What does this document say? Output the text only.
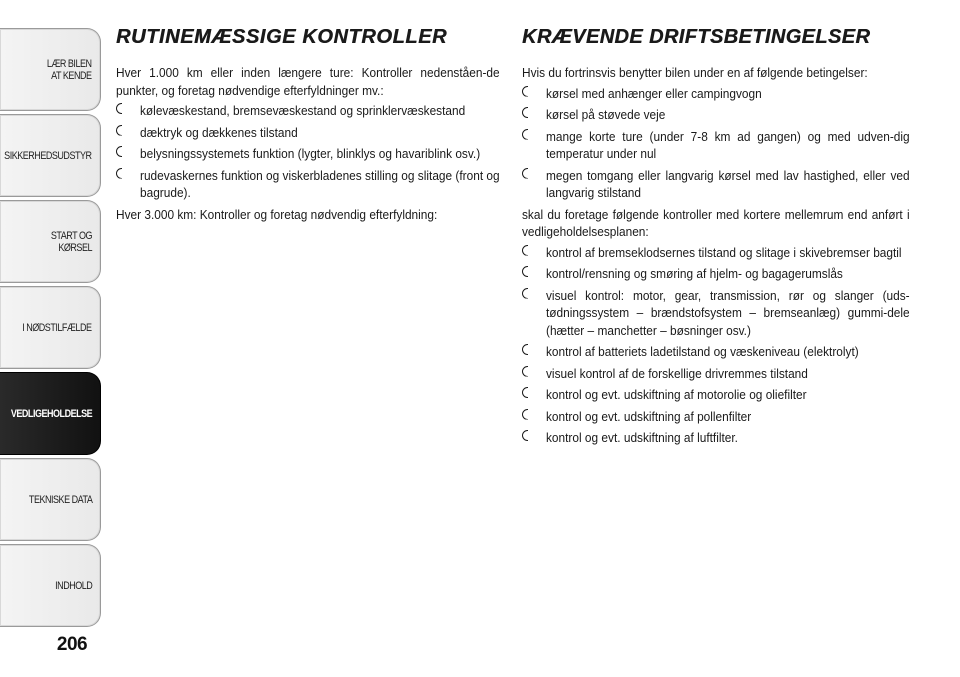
LÆR BILEN
AT KENDE
SIKKERHEDSUDSTYR
START OG KØRSEL
I NØDSTILFÆLDE
VEDLIGEHOLDELSE
TEKNISKE DATA
INDHOLD
206
RUTINEMÆSSIGE KONTROLLER

Hver 1.000 km eller inden længere ture: Kontroller nedenståen-de punkter, og foretag nødvendige efterfyldninger mv.:

kølevæskestand, bremsevæskestand og sprinklervæskestand

dæktryk og dækkenes tilstand

belysningssystemets funktion (lygter, blinklys og havariblink osv.)

rudevaskernes funktion og viskerbladenes stilling og slitage (front og bagrude).

Hver 3.000 km: Kontroller og foretag nødvendig efterfyldning:

KRÆVENDE DRIFTSBETINGELSER

Hvis du fortrinsvis benytter bilen under en af følgende betingelser:

kørsel med anhænger eller campingvogn

kørsel på støvede veje

mange korte ture (under 7-8 km ad gangen) og med udven-dig temperatur under nul

megen tomgang eller langvarig kørsel med lav hastighed, eller ved langvarig stilstand

skal du foretage følgende kontroller med kortere mellemrum end anført i vedligeholdelsesplanen:

kontrol af bremseklodsernes tilstand og slitage i skivebremser bagtil

kontrol/rensning og smøring af hjelm- og bagagerumslås

visuel kontrol: motor, gear, transmission, rør og slanger (uds-tødningssystem – brændstofsystem – bremseanlæg) gummi-dele (hætter – manchetter – bøsninger osv.)

kontrol af batteriets ladetilstand og væskeniveau (elektrolyt)

visuel kontrol af de forskellige drivremmes tilstand

kontrol og evt. udskiftning af motorolie og oliefilter

kontrol og evt. udskiftning af pollenfilter

kontrol og evt. udskiftning af luftfilter.
